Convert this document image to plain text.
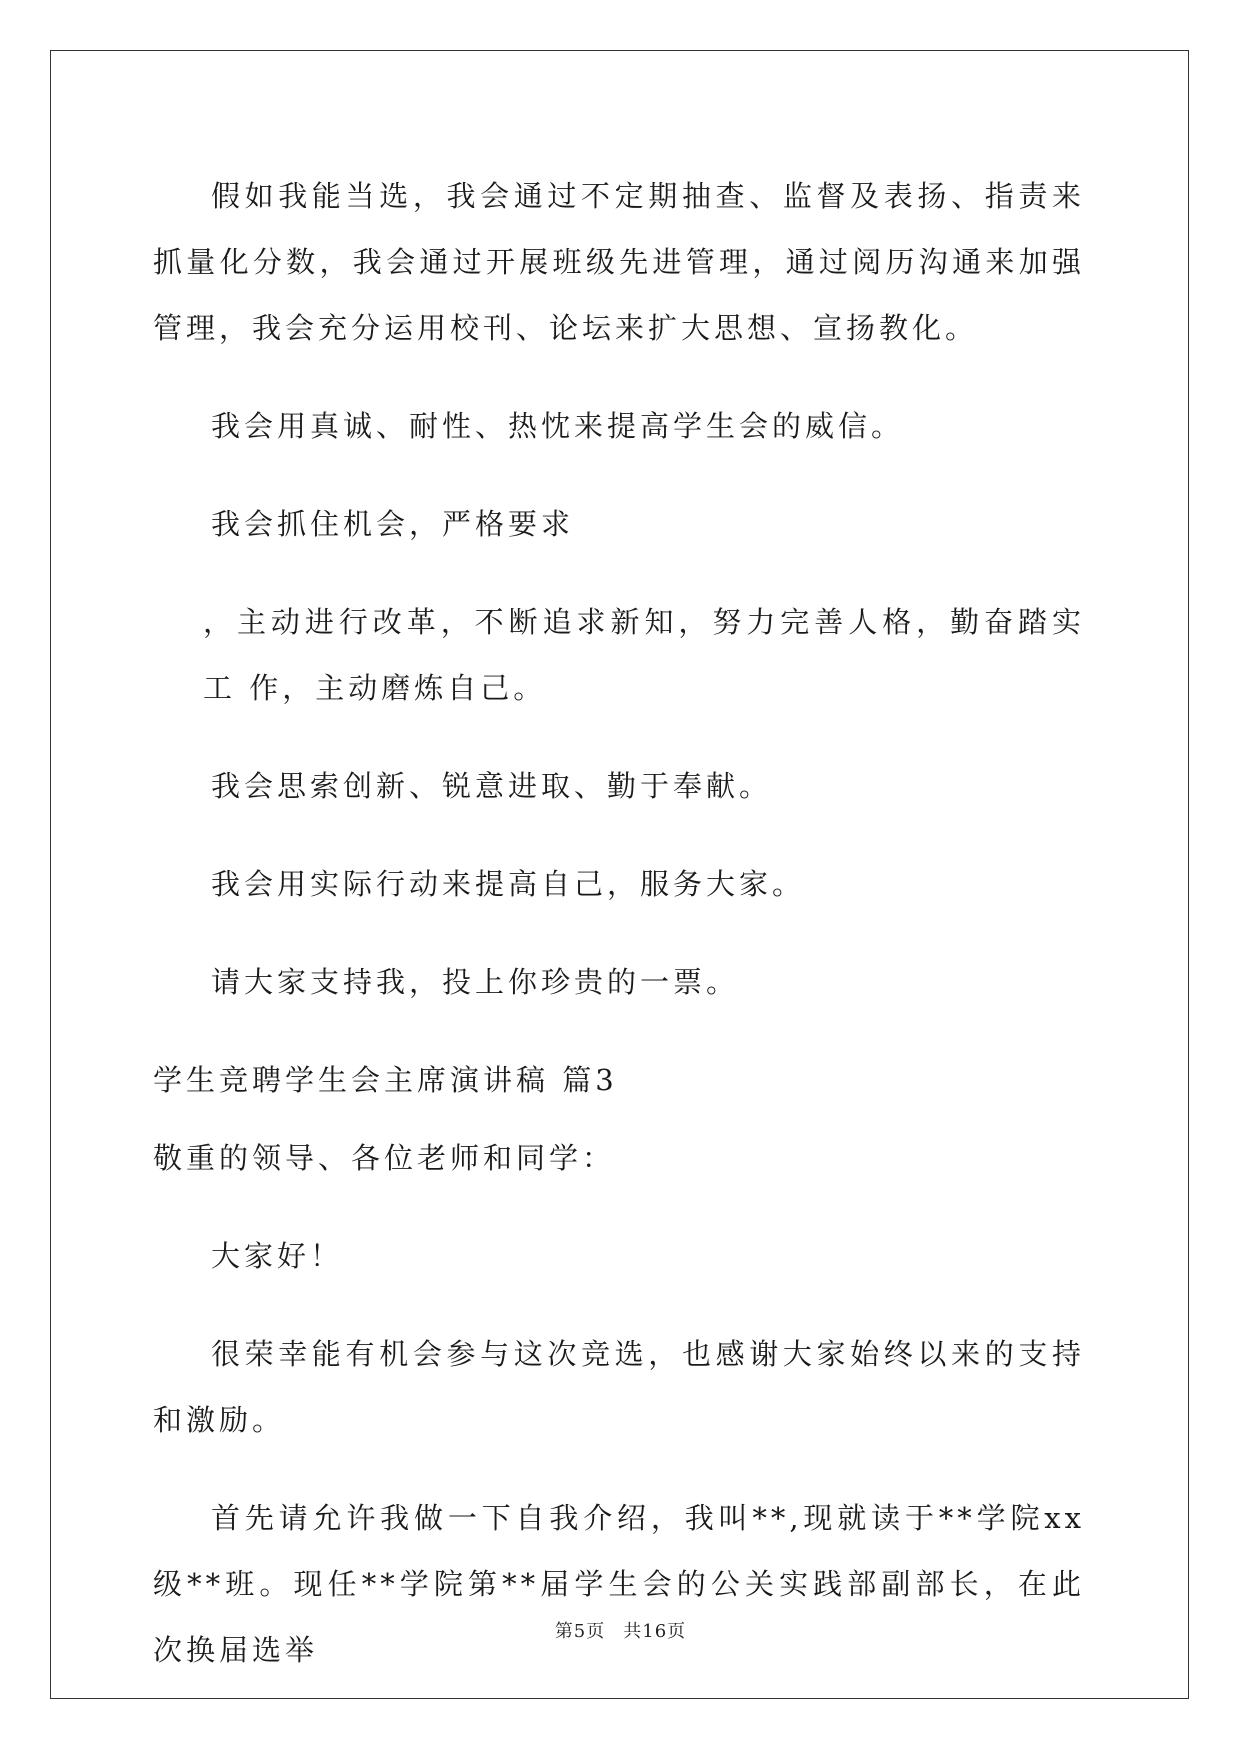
假如我能当选，我会通过不定期抽查、监督及表扬、指责来抓量化分数，我会通过开展班级先进管理，通过阅历沟通来加强管理，我会充分运用校刊、论坛来扩大思想、宣扬教化。

我会用真诚、耐性、热忱来提高学生会的威信。

我会抓住机会，严格要求

，主动进行改革，不断追求新知，努力完善人格，勤奋踏实工 作，主动磨炼自己。

我会思索创新、锐意进取、勤于奉献。

我会用实际行动来提高自己，服务大家。

请大家支持我，投上你珍贵的一票。

学生竞聘学生会主席演讲稿 篇3

敬重的领导、各位老师和同学：

大家好！

很荣幸能有机会参与这次竞选，也感谢大家始终以来的支持和激励。

首先请允许我做一下自我介绍，我叫**,现就读于**学院xx级**班。现任**学院第**届学生会的公关实践部副部长，在此次换届选举

第5页 共16页
